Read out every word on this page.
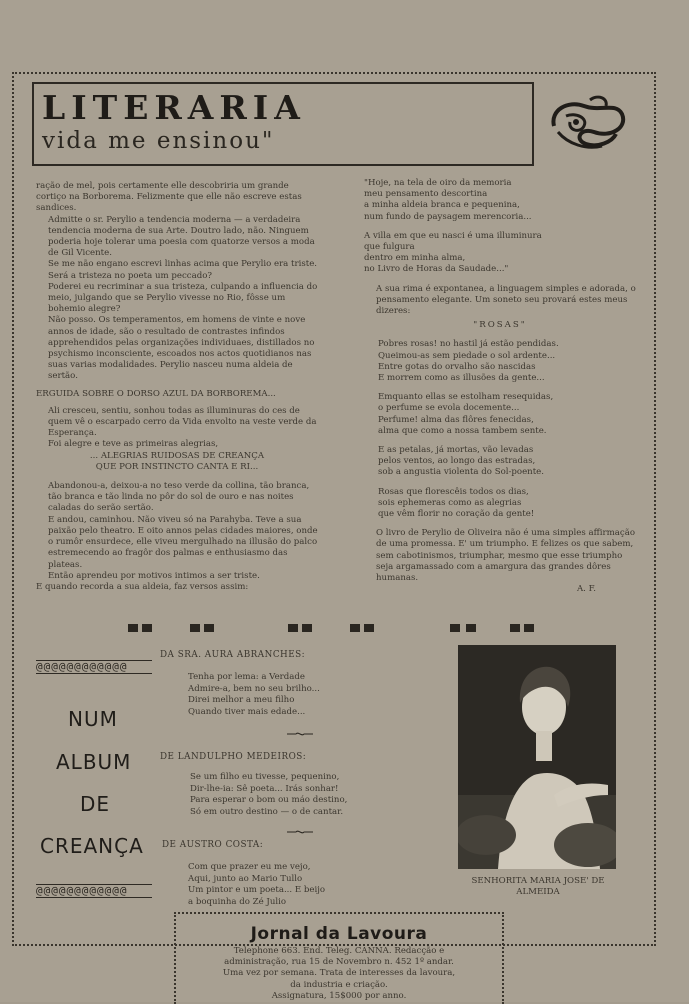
LITERARIA
vida me ensinou"

ração de mel, pois certamente elle descobriria um grande cortiço na Borborema. Felizmente que elle não escreve estas sandices.

Admitte o sr. Perylio a tendencia moderna — a verdadeira tendencia moderna de sua Arte. Doutro lado, não. Ninguem poderia hoje tolerar uma poesia com quatorze versos a moda de Gil Vicente.

Se me não engano escrevi linhas acima que Perylio era triste.

Será a tristeza no poeta um peccado?

Poderei eu recriminar a sua tristeza, culpando a influencia do meio, julgando que se Perylio vivesse no Rio, fôsse um bohemio alegre?

Não posso. Os temperamentos, em homens de vinte e nove annos de idade, são o resultado de contrastes infindos apprehendidos pelas organizações individuaes, distillados no psychismo inconsciente, escoados nos actos quotidianos nas suas varias modalidades. Perylio nasceu numa aldeia de sertão.

ERGUIDA SOBRE O DORSO AZUL DA BORBOREMA...

Ali cresceu, sentiu, sonhou todas as illuminuras do ces de quem vê o escarpado cerro da Vida envolto na veste verde da Esperança.

Foi alegre e teve as primeiras alegrias,

... ALEGRIAS RUIDOSAS DE CREANÇA

QUE POR INSTINCTO CANTA E RI...

Abandonou-a, deixou-a no teso verde da collina, tão branca, tão branca e tão linda no pôr do sol de ouro e nas noites caladas do serão sertão.

E andou, caminhou. Não viveu só na Parahyba. Teve a sua paixão pelo theatro. E oito annos pelas cidades maiores, onde o rumôr ensurdece, elle viveu mergulhado na illusão do palco estremecendo ao fragôr dos palmas e enthusiasmo das plateas.

Então aprendeu por motivos intimos a ser triste.

E quando recorda a sua aldeia, faz versos assim:

"Hoje, na tela de oiro da memoria

meu pensamento descortina

a minha aldeia branca e pequenina,

num fundo de paysagem merencoria...

A villa em que eu nasci é uma illuminura

que fulgura

dentro em minha alma,

no Livro de Horas da Saudade..."

A sua rima é expontanea, a linguagem simples e adorada, o pensamento elegante. Um soneto seu provará estes meus dizeres:

"ROSAS"

Pobres rosas! no hastil já estão pendidas.

Queimou-as sem piedade o sol ardente...

Entre gotas do orvalho são nascidas

E morrem como as illusões da gente...

Emquanto ellas se estolham resequidas,

o perfume se evola docemente...

Perfume! alma das flôres fenecidas,

alma que como a nossa tambem sente.

E as petalas, já mortas, vão levadas

pelos ventos, ao longo das estradas,

sob a angustia violenta do Sol-poente.

Rosas que florescêis todos os dias,

sois ephemeras como as alegrias

que vêm florir no coração da gente!

O livro de Perylio de Oliveira não é uma simples affirmação de uma promessa. E' um triumpho. E felizes os que sabem, sem cabotinismos, triumphar, mesmo que esse triumpho seja argamassado com a amargura das grandes dôres humanas.

A. F.

@@@@@@@@@@@@
NUM
ALBUM
DE
CREANÇA
@@@@@@@@@@@@
DA SRA. AURA ABRANCHES:

Tenha por lema: a Verdade

Admire-a, bem no seu brilho...

Direi melhor a meu filho

Quando tiver mais edade...

DE LANDULPHO MEDEIROS:

Se um filho eu tivesse, pequenino,

Dir-lhe-ia: Sê poeta... Irás sonhar!

Para esperar o bom ou máo destino,

Só em outro destino — o de cantar.

DE AUSTRO COSTA:

Com que prazer eu me vejo,

Aqui, junto ao Mario Tullo

Um pintor e um poeta... E beijo

a boquinha do Zé Julio

SENHORITA MARIA JOSE' DE ALMEIDA
Jornal da Lavoura

Telephone 663. End. Teleg. CANNA. Redacção e

administração, rua 15 de Novembro n. 452 1º andar.

Uma vez por semana. Trata de interesses da lavoura,

da industria e criação.

Assignatura, 15$000 por anno.
